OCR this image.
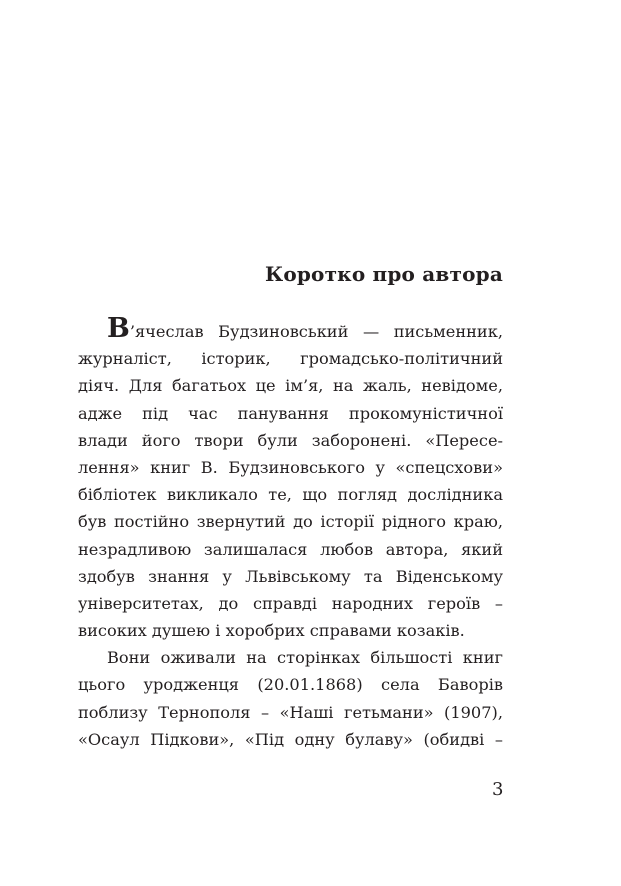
Коротко про автора
В’ячеслав Будзиновський — письменник,
журналіст, історик, громадсько-політичний
діяч. Для багатьох це ім’я, на жаль, невідоме,
адже під час панування прокомуністичної
влади його твори були заборонені. «Пересе-
лення» книг В. Будзиновського у «спецсхови»
бібліотек викликало те, що погляд дослідника
був постійно звернутий до історії рідного краю,
незрадливою залишалася любов автора, який
здобув знання у Львівському та Віденському
університетах, до справді народних героїв –
високих душею і хоробрих справами козаків.
Вони оживали на сторінках більшості книг
цього уродженця (20.01.1868) села Баворів
поблизу Тернополя – «Наші гетьмани» (1907),
«Осаул Підкови», «Під одну булаву» (обидві –
3
